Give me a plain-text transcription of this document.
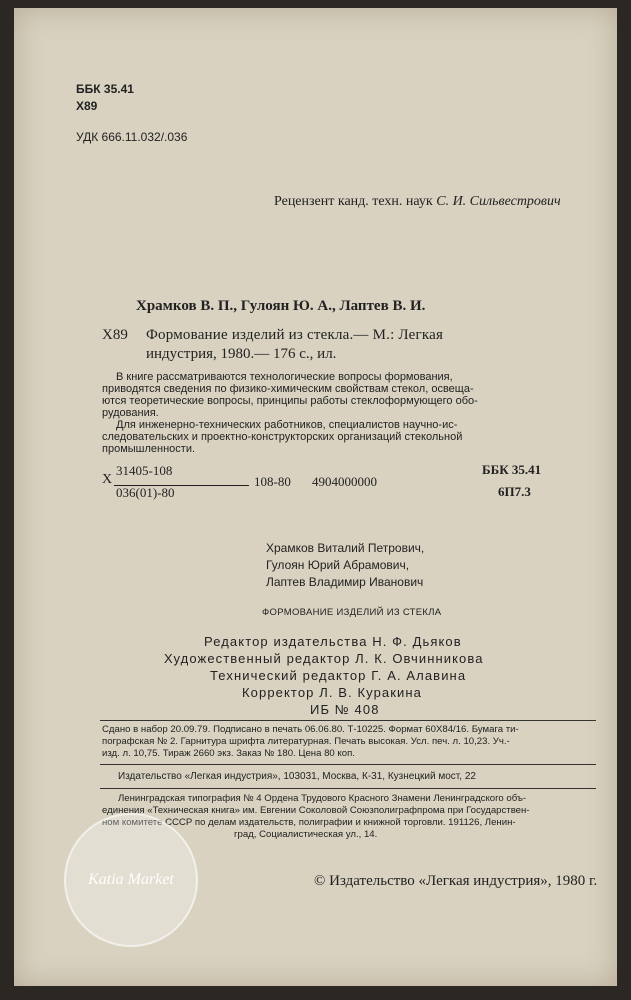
ББК 35.41
Х89
УДК 666.11.032/.036
Рецензент канд. техн. наук С. И. Сильвестрович
Храмков В. П., Гулоян Ю. А., Лаптев В. И.
Х89 Формование изделий из стекла.— М.: Легкая
индустрия, 1980.— 176 с., ил.
В книге рассматриваются технологические вопросы формования,
приводятся сведения по физико-химическим свойствам стекол, освеща-
ются теоретические вопросы, принципы работы стеклоформующего обо-
рудования.
Для инженерно-технических работников, специалистов научно-ис-
следовательских и проектно-конструкторских организаций стекольной
промышленности.
Х
31405-108
036(01)-80
108-80 4904000000
ББК 35.41
6П7.3
Храмков Виталий Петрович,
Гулоян Юрий Абрамович,
Лаптев Владимир Иванович
ФОРМОВАНИЕ ИЗДЕЛИЙ ИЗ СТЕКЛА
Редактор издательства Н. Ф. Дьяков
Художественный редактор Л. К. Овчинникова
Технический редактор Г. А. Алавина
Корректор Л. В. Куракина
ИБ № 408
Сдано в набор 20.09.79. Подписано в печать 06.06.80. Т-10225. Формат 60Х84/16. Бумага ти-
пографская № 2. Гарнитура шрифта литературная. Печать высокая. Усл. печ. л. 10,23. Уч.-
изд. л. 10,75. Тираж 2660 экз. Заказ № 180. Цена 80 коп.
Издательство «Легкая индустрия», 103031, Москва, К-31, Кузнецкий мост, 22
Ленинградская типография № 4 Ордена Трудового Красного Знамени Ленинградского объ-
единения «Техническая книга» им. Евгении Соколовой Союзполиграфпрома при Государствен-
ном комитете СССР по делам издательств, полиграфии и книжной торговли. 191126, Ленин-
град, Социалистическая ул., 14.
© Издательство «Легкая индустрия», 1980 г.
Katia Market
